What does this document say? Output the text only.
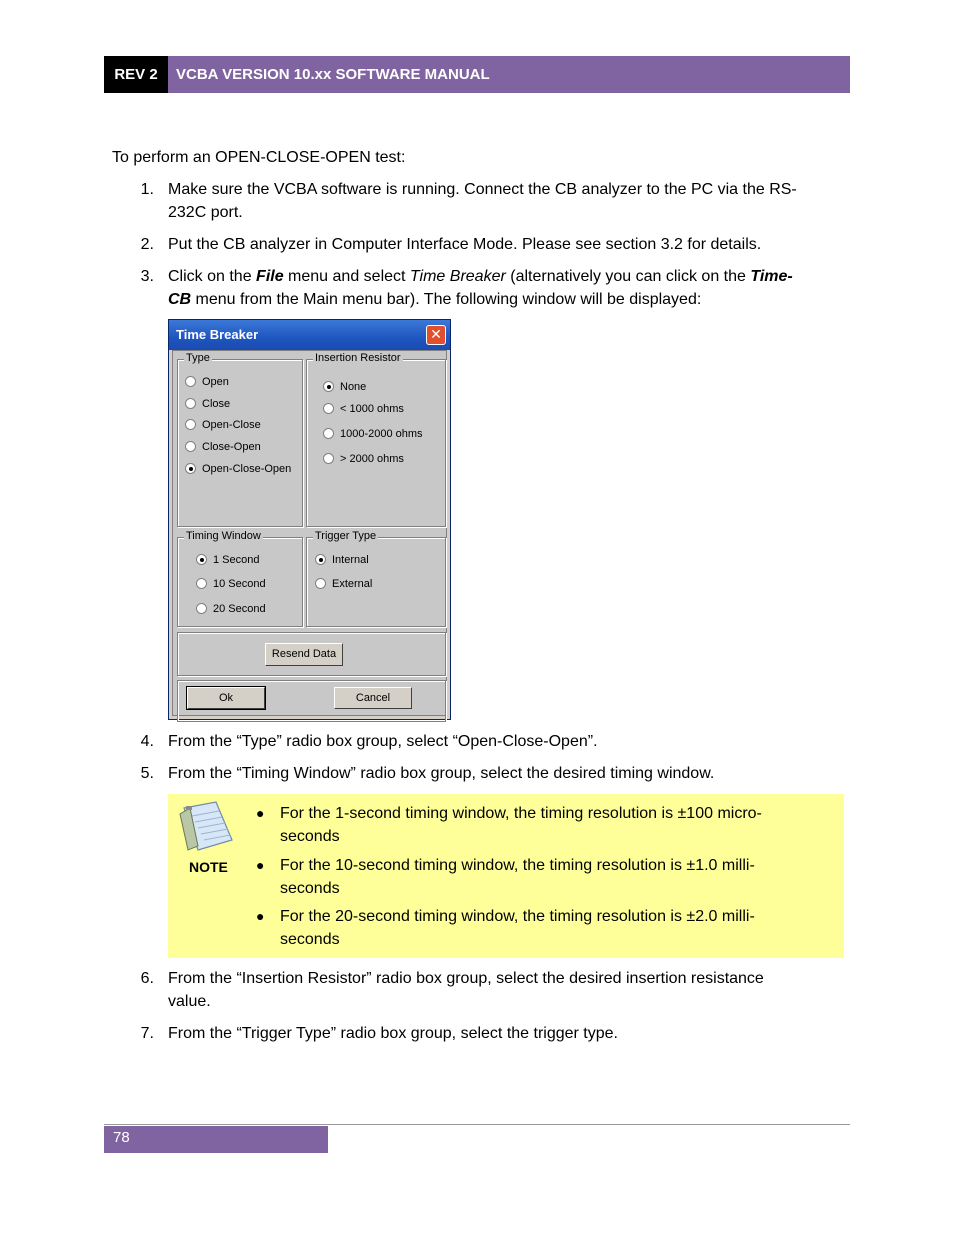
REV 2	VCBA VERSION 10.xx SOFTWARE MANUAL
To perform an OPEN-CLOSE-OPEN test:
1. Make sure the VCBA software is running. Connect the CB analyzer to the PC via the RS-
232C port.
2. Put the CB analyzer in Computer Interface Mode. Please see section 3.2 for details.
3. Click on the File menu and select Time Breaker (alternatively you can click on the Time-
CB menu from the Main menu bar). The following window will be displayed:
Time Breaker	✕
Type
Open
Close
Open-Close
Close-Open
Open-Close-Open
Insertion Resistor
None
< 1000 ohms
1000-2000 ohms
> 2000 ohms
Timing Window
1 Second
10 Second
20 Second
Trigger Type
Internal
External
Resend Data
Ok	Cancel
4. From the “Type” radio box group, select “Open-Close-Open”.
5. From the “Timing Window” radio box group, select the desired timing window.
NOTE
● For the 1-second timing window, the timing resolution is ±100 micro-
seconds
● For the 10-second timing window, the timing resolution is ±1.0 milli-
seconds
● For the 20-second timing window, the timing resolution is ±2.0 milli-
seconds
6. From the “Insertion Resistor” radio box group, select the desired insertion resistance
value.
7. From the “Trigger Type” radio box group, select the trigger type.
78
